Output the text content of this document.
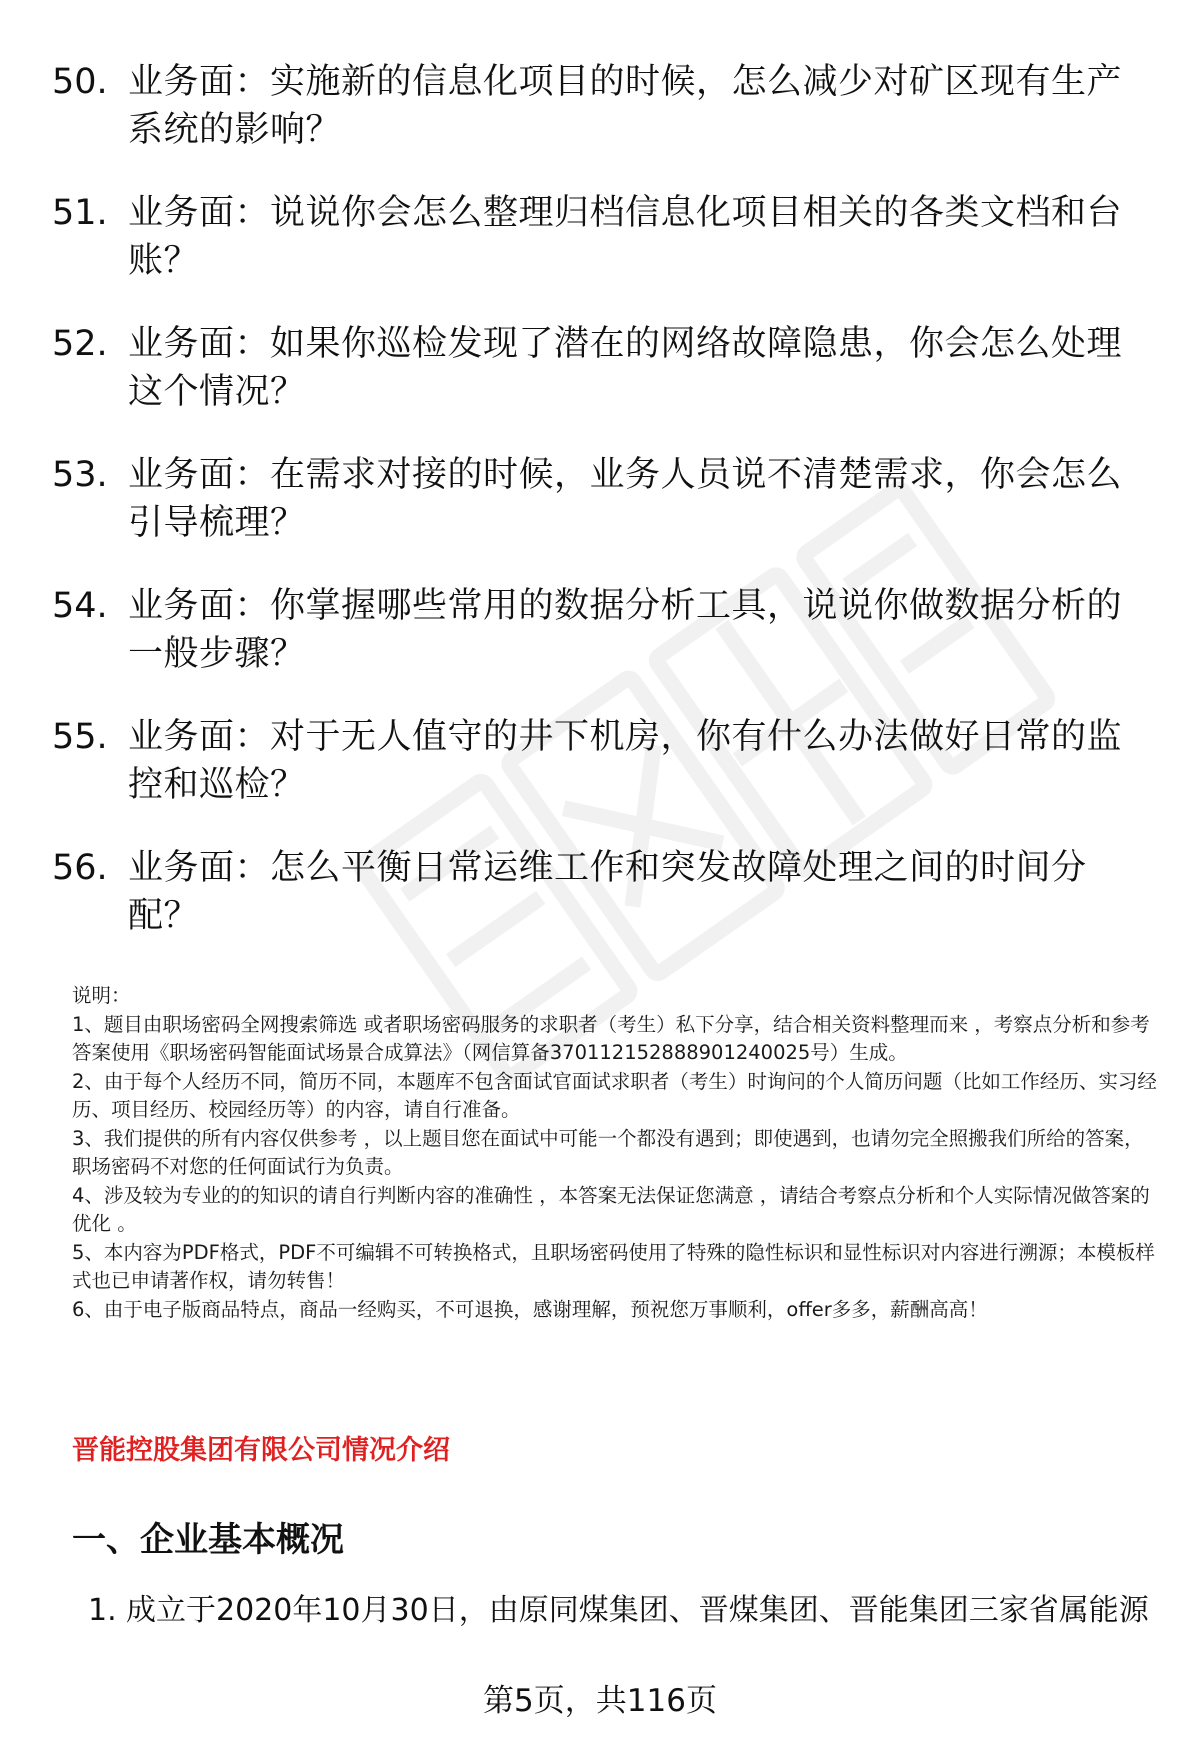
50. 业务面：实施新的信息化项目的时候，怎么减少对矿区现有生产系统的影响？
51. 业务面：说说你会怎么整理归档信息化项目相关的各类文档和台账？
52. 业务面：如果你巡检发现了潜在的网络故障隐患，你会怎么处理这个情况？
53. 业务面：在需求对接的时候，业务人员说不清楚需求，你会怎么引导梳理？
54. 业务面：你掌握哪些常用的数据分析工具，说说你做数据分析的一般步骤？
55. 业务面：对于无人值守的井下机房，你有什么办法做好日常的监控和巡检？
56. 业务面：怎么平衡日常运维工作和突发故障处理之间的时间分配？

说明：

1、题目由职场密码全网搜索筛选 或者职场密码服务的求职者（考生）私下分享，结合相关资料整理而来 ，考察点分析和参考答案使用《职场密码智能面试场景合成算法》（网信算备370112152888901240025号）生成。

2、由于每个人经历不同，简历不同，本题库不包含面试官面试求职者（考生）时询问的个人简历问题（比如工作经历、实习经历、项目经历、校园经历等）的内容，请自行准备。

3、我们提供的所有内容仅供参考 ，以上题目您在面试中可能一个都没有遇到；即使遇到，也请勿完全照搬我们所给的答案，职场密码不对您的任何面试行为负责。

4、涉及较为专业的的知识的请自行判断内容的准确性 ，本答案无法保证您满意 ，请结合考察点分析和个人实际情况做答案的优化 。

5、本内容为PDF格式，PDF不可编辑不可转换格式，且职场密码使用了特殊的隐性标识和显性标识对内容进行溯源；本模板样式也已申请著作权，请勿转售！

6、由于电子版商品特点，商品一经购买，不可退换，感谢理解，预祝您万事顺利，offer多多，薪酬高高！

晋能控股集团有限公司情况介绍
一、企业基本概况
1. 成立于2020年10月30日，由原同煤集团、晋煤集团、晋能集团三家省属能源

第5页，共116页
